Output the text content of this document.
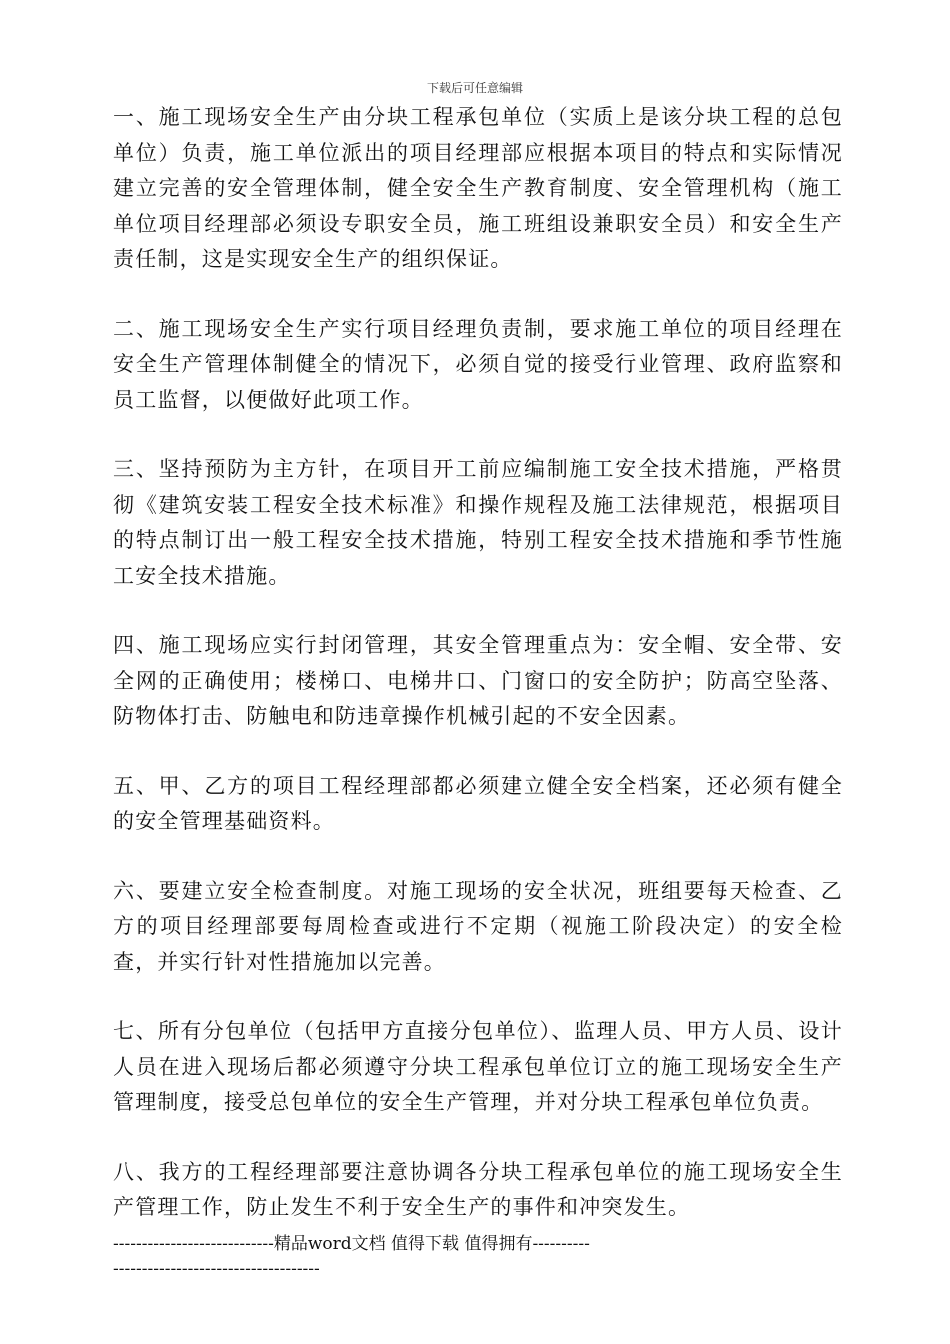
下载后可任意编辑

一、施工现场安全生产由分块工程承包单位（实质上是该分块工程的总包单位）负责，施工单位派出的项目经理部应根据本项目的特点和实际情况建立完善的安全管理体制，健全安全生产教育制度、安全管理机构（施工单位项目经理部必须设专职安全员，施工班组设兼职安全员）和安全生产责任制，这是实现安全生产的组织保证。

二、施工现场安全生产实行项目经理负责制，要求施工单位的项目经理在安全生产管理体制健全的情况下，必须自觉的接受行业管理、政府监察和员工监督，以便做好此项工作。

三、坚持预防为主方针，在项目开工前应编制施工安全技术措施，严格贯彻《建筑安装工程安全技术标准》和操作规程及施工法律规范，根据项目的特点制订出一般工程安全技术措施，特别工程安全技术措施和季节性施工安全技术措施。

四、施工现场应实行封闭管理，其安全管理重点为：安全帽、安全带、安全网的正确使用；楼梯口、电梯井口、门窗口的安全防护；防高空坠落、防物体打击、防触电和防违章操作机械引起的不安全因素。

五、甲、乙方的项目工程经理部都必须建立健全安全档案，还必须有健全的安全管理基础资料。

六、要建立安全检查制度。对施工现场的安全状况，班组要每天检查、乙方的项目经理部要每周检查或进行不定期（视施工阶段决定）的安全检查，并实行针对性措施加以完善。

七、所有分包单位（包括甲方直接分包单位）、监理人员、甲方人员、设计人员在进入现场后都必须遵守分块工程承包单位订立的施工现场安全生产管理制度，接受总包单位的安全生产管理，并对分块工程承包单位负责。

八、我方的工程经理部要注意协调各分块工程承包单位的施工现场安全生产管理工作，防止发生不利于安全生产的事件和冲突发生。

----------------------------精品word文档 值得下载 值得拥有----------------------------------------------
